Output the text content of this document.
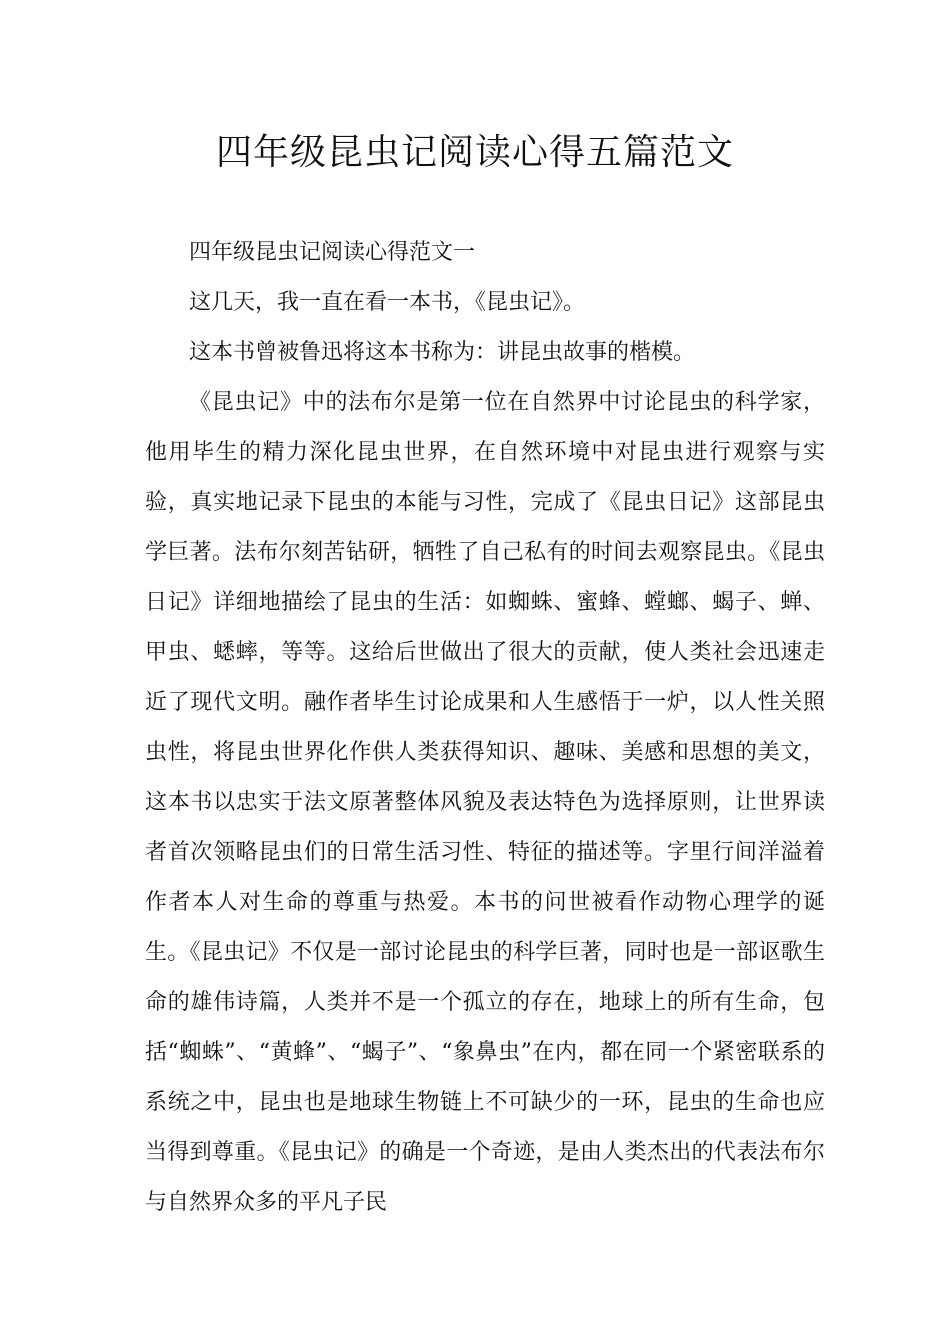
四年级昆虫记阅读心得五篇范文

四年级昆虫记阅读心得范文一

这几天，我一直在看一本书，《昆虫记》。

这本书曾被鲁迅将这本书称为：讲昆虫故事的楷模。

《昆虫记》中的法布尔是第一位在自然界中讨论昆虫的科学家，他用毕生的精力深化昆虫世界，在自然环境中对昆虫进行观察与实验，真实地记录下昆虫的本能与习性，完成了《昆虫日记》这部昆虫学巨著。法布尔刻苦钻研，牺牲了自己私有的时间去观察昆虫。《昆虫日记》详细地描绘了昆虫的生活：如蜘蛛、蜜蜂、螳螂、蝎子、蝉、甲虫、蟋蟀，等等。这给后世做出了很大的贡献，使人类社会迅速走近了现代文明。融作者毕生讨论成果和人生感悟于一炉，以人性关照虫性，将昆虫世界化作供人类获得知识、趣味、美感和思想的美文，这本书以忠实于法文原著整体风貌及表达特色为选择原则，让世界读者首次领略昆虫们的日常生活习性、特征的描述等。字里行间洋溢着作者本人对生命的尊重与热爱。本书的问世被看作动物心理学的诞生。《昆虫记》不仅是一部讨论昆虫的科学巨著，同时也是一部讴歌生命的雄伟诗篇，人类并不是一个孤立的存在，地球上的所有生命，包括“蜘蛛”、“黄蜂”、“蝎子”、“象鼻虫”在内，都在同一个紧密联系的系统之中，昆虫也是地球生物链上不可缺少的一环，昆虫的生命也应当得到尊重。《昆虫记》的确是一个奇迹，是由人类杰出的代表法布尔与自然界众多的平凡子民
